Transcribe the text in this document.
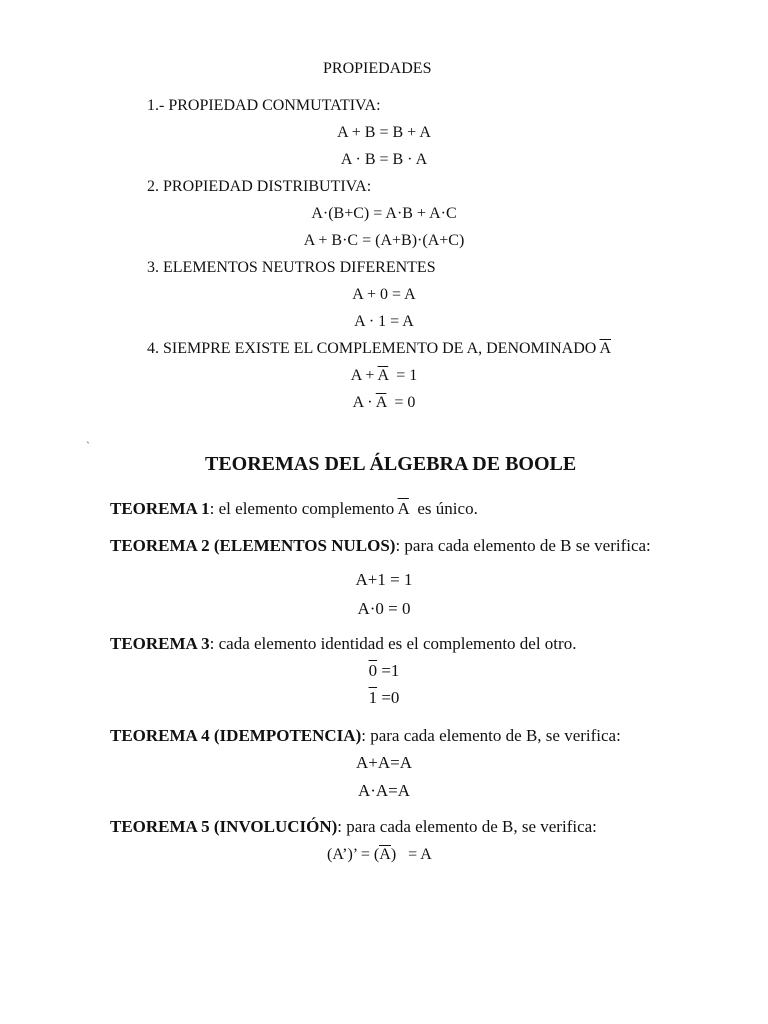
PROPIEDADES
1.- PROPIEDAD CONMUTATIVA:
A + B = B + A
A · B = B · A
2. PROPIEDAD DISTRIBUTIVA:
A·(B+C) = A·B + A·C
A + B·C = (A+B)·(A+C)
3. ELEMENTOS NEUTROS DIFERENTES
A + 0 = A
A · 1 = A
4. SIEMPRE EXISTE EL COMPLEMENTO DE A, DENOMINADO $\overline{A}$
$A + \overline{A} = 1$
$A \cdot \overline{A} = 0$
ˏ
TEOREMAS DEL ÁLGEBRA DE BOOLE
TEOREMA 1: el elemento complemento $\overline{A}$  es único.
TEOREMA 2 (ELEMENTOS NULOS): para cada elemento de B se verifica:
A+1 = 1
A·0 = 0
TEOREMA 3: cada elemento identidad es el complemento del otro.
0 =1
1 =0
TEOREMA 4 (IDEMPOTENCIA): para cada elemento de B, se verifica:
A+A=A
A·A=A
TEOREMA 5 (INVOLUCIÓN): para cada elemento de B, se verifica:
(A’)’ = $(\overline{A}) = A$
